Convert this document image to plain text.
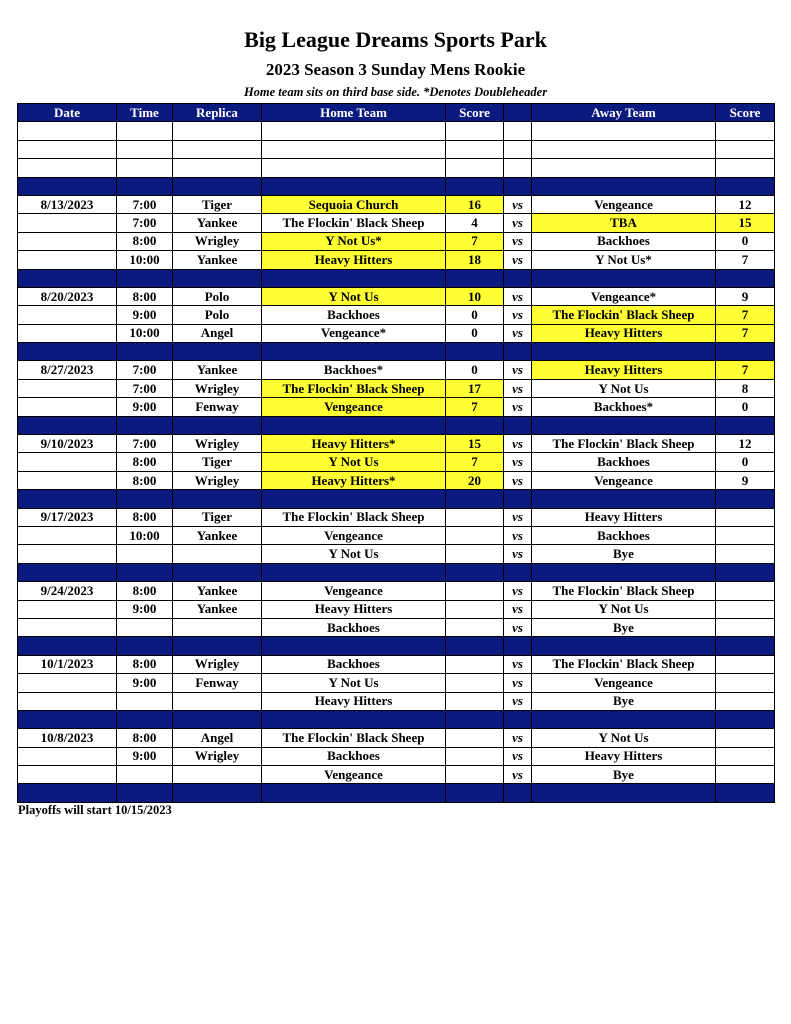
Big League Dreams Sports Park
2023 Season 3 Sunday Mens Rookie
Home team sits on third base side. *Denotes Doubleheader
Date	Time	Replica	Home Team	Score		Away Team	Score

8/13/2023	7:00	Tiger	Sequoia Church	16	vs	Vengeance	12
	7:00	Yankee	The Flockin' Black Sheep	4	vs	TBA	15
	8:00	Wrigley	Y Not Us*	7	vs	Backhoes	0
	10:00	Yankee	Heavy Hitters	18	vs	Y Not Us*	7

8/20/2023	8:00	Polo	Y Not Us	10	vs	Vengeance*	9
	9:00	Polo	Backhoes	0	vs	The Flockin' Black Sheep	7
	10:00	Angel	Vengeance*	0	vs	Heavy Hitters	7

8/27/2023	7:00	Yankee	Backhoes*	0	vs	Heavy Hitters	7
	7:00	Wrigley	The Flockin' Black Sheep	17	vs	Y Not Us	8
	9:00	Fenway	Vengeance	7	vs	Backhoes*	0

9/10/2023	7:00	Wrigley	Heavy Hitters*	15	vs	The Flockin' Black Sheep	12
	8:00	Tiger	Y Not Us	7	vs	Backhoes	0
	8:00	Wrigley	Heavy Hitters*	20	vs	Vengeance	9

9/17/2023	8:00	Tiger	The Flockin' Black Sheep		vs	Heavy Hitters	
	10:00	Yankee	Vengeance		vs	Backhoes	
			Y Not Us		vs	Bye	

9/24/2023	8:00	Yankee	Vengeance		vs	The Flockin' Black Sheep	
	9:00	Yankee	Heavy Hitters		vs	Y Not Us	
			Backhoes		vs	Bye	

10/1/2023	8:00	Wrigley	Backhoes		vs	The Flockin' Black Sheep	
	9:00	Fenway	Y Not Us		vs	Vengeance	
			Heavy Hitters		vs	Bye	

10/8/2023	8:00	Angel	The Flockin' Black Sheep		vs	Y Not Us	
	9:00	Wrigley	Backhoes		vs	Heavy Hitters	
			Vengeance		vs	Bye	

Playoffs will start 10/15/2023
